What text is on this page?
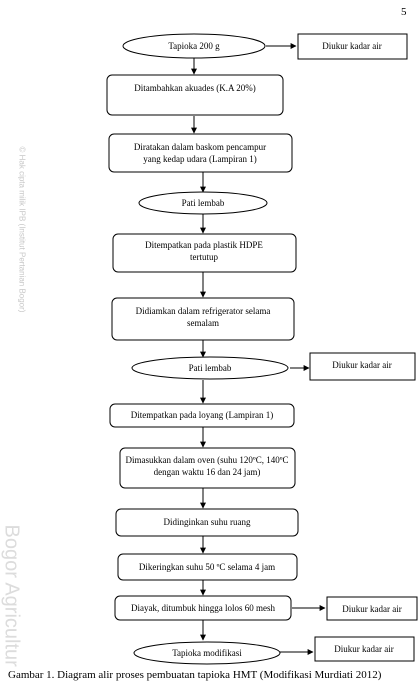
5
© Hak cipta milik IPB (Institut Pertanian Bogor)
Bogor Agricultur
Tapioka 200 g	Diukur kadar air
Ditambahkan akuades (K.A 20%)
Diratakan dalam baskom pencampur
yang kedap udara (Lampiran 1)
Pati lembab
Ditempatkan pada plastik HDPE
tertutup
Didiamkan dalam refrigerator selama
semalam
Pati lembab	Diukur kadar air
Ditempatkan pada loyang (Lampiran 1)
Dimasukkan dalam oven (suhu 120ºC, 140ºC
dengan waktu 16 dan 24 jam)
Didinginkan suhu ruang
Dikeringkan suhu 50 ºC selama 4 jam
Diayak, ditumbuk hingga lolos 60 mesh	Diukur kadar air
Tapioka modifikasi	Diukur kadar air
Gambar 1. Diagram alir proses pembuatan tapioka HMT (Modifikasi Murdiati 2012)
